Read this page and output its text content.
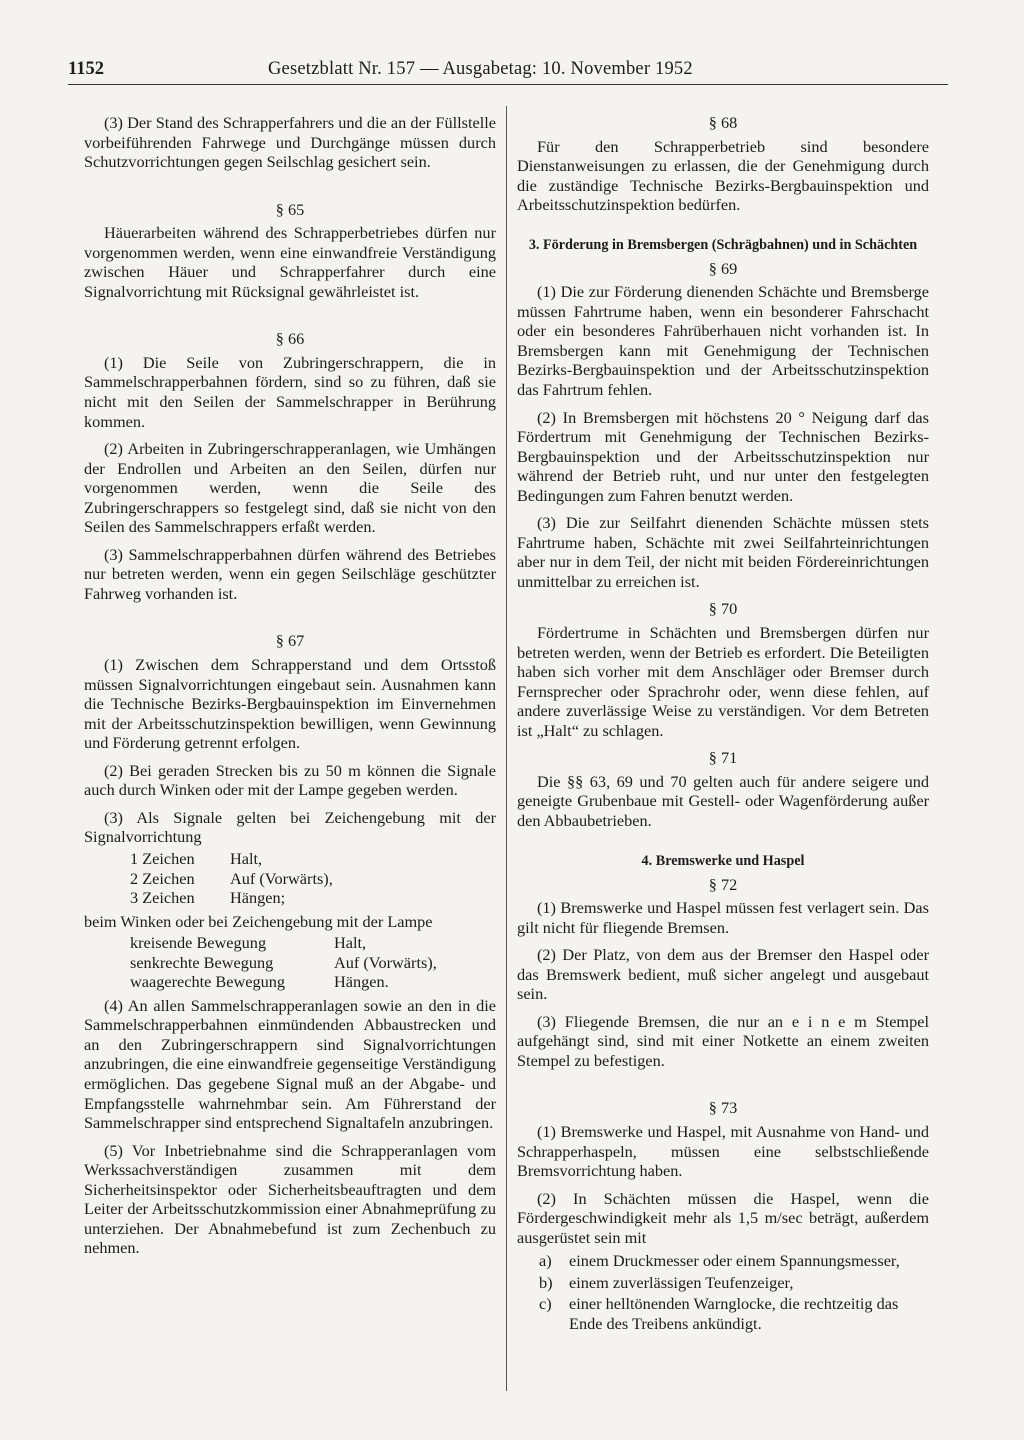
1152	Gesetzblatt Nr. 157 — Ausgabetag: 10. November 1952

(3) Der Stand des Schrapperfahrers und die an der Füllstelle vorbeiführenden Fahrwege und Durchgänge müssen durch Schutzvorrichtungen gegen Seilschlag gesichert sein.

§ 65

Häuerarbeiten während des Schrapperbetriebes dürfen nur vorgenommen werden, wenn eine einwandfreie Verständigung zwischen Häuer und Schrapperfahrer durch eine Signalvorrichtung mit Rücksignal gewährleistet ist.

§ 66

(1) Die Seile von Zubringerschrappern, die in Sammelschrapperbahnen fördern, sind so zu führen, daß sie nicht mit den Seilen der Sammelschrapper in Berührung kommen.

(2) Arbeiten in Zubringerschrapperanlagen, wie Umhängen der Endrollen und Arbeiten an den Seilen, dürfen nur vorgenommen werden, wenn die Seile des Zubringerschrappers so festgelegt sind, daß sie nicht von den Seilen des Sammelschrappers erfaßt werden.

(3) Sammelschrapperbahnen dürfen während des Betriebes nur betreten werden, wenn ein gegen Seilschläge geschützter Fahrweg vorhanden ist.

§ 67

(1) Zwischen dem Schrapperstand und dem Ortsstoß müssen Signalvorrichtungen eingebaut sein. Ausnahmen kann die Technische Bezirks-Bergbauinspektion im Einvernehmen mit der Arbeitsschutzinspektion bewilligen, wenn Gewinnung und Förderung getrennt erfolgen.

(2) Bei geraden Strecken bis zu 50 m können die Signale auch durch Winken oder mit der Lampe gegeben werden.

(3) Als Signale gelten bei Zeichengebung mit der Signalvorrichtung

1 Zeichen	Halt,
2 Zeichen	Auf (Vorwärts),
3 Zeichen	Hängen;

beim Winken oder bei Zeichengebung mit der Lampe

kreisende Bewegung	Halt,
senkrechte Bewegung	Auf (Vorwärts),
waagerechte Bewegung	Hängen.

(4) An allen Sammelschrapperanlagen sowie an den in die Sammelschrapperbahnen einmündenden Abbaustrecken und an den Zubringerschrappern sind Signalvorrichtungen anzubringen, die eine einwandfreie gegenseitige Verständigung ermöglichen. Das gegebene Signal muß an der Abgabe- und Empfangsstelle wahrnehmbar sein. Am Führerstand der Sammelschrapper sind entsprechend Signaltafeln anzubringen.

(5) Vor Inbetriebnahme sind die Schrapperanlagen vom Werkssachverständigen zusammen mit dem Sicherheitsinspektor oder Sicherheitsbeauftragten und dem Leiter der Arbeitsschutzkommission einer Abnahmeprüfung zu unterziehen. Der Abnahmebefund ist zum Zechenbuch zu nehmen.

§ 68

Für den Schrapperbetrieb sind besondere Dienstanweisungen zu erlassen, die der Genehmigung durch die zuständige Technische Bezirks-Bergbauinspektion und Arbeitsschutzinspektion bedürfen.

3. Förderung in Bremsbergen (Schrägbahnen) und in Schächten

§ 69

(1) Die zur Förderung dienenden Schächte und Bremsberge müssen Fahrtrume haben, wenn ein besonderer Fahrschacht oder ein besonderes Fahrüberhauen nicht vorhanden ist. In Bremsbergen kann mit Genehmigung der Technischen Bezirks-Bergbauinspektion und der Arbeitsschutzinspektion das Fahrtrum fehlen.

(2) In Bremsbergen mit höchstens 20 ° Neigung darf das Fördertrum mit Genehmigung der Technischen Bezirks-Bergbauinspektion und der Arbeitsschutzinspektion nur während der Betrieb ruht, und nur unter den festgelegten Bedingungen zum Fahren benutzt werden.

(3) Die zur Seilfahrt dienenden Schächte müssen stets Fahrtrume haben, Schächte mit zwei Seilfahrteinrichtungen aber nur in dem Teil, der nicht mit beiden Fördereinrichtungen unmittelbar zu erreichen ist.

§ 70

Fördertrume in Schächten und Bremsbergen dürfen nur betreten werden, wenn der Betrieb es erfordert. Die Beteiligten haben sich vorher mit dem Anschläger oder Bremser durch Fernsprecher oder Sprachrohr oder, wenn diese fehlen, auf andere zuverlässige Weise zu verständigen. Vor dem Betreten ist „Halt“ zu schlagen.

§ 71

Die §§ 63, 69 und 70 gelten auch für andere seigere und geneigte Grubenbaue mit Gestell- oder Wagenförderung außer den Abbaubetrieben.

4. Bremswerke und Haspel

§ 72

(1) Bremswerke und Haspel müssen fest verlagert sein. Das gilt nicht für fliegende Bremsen.

(2) Der Platz, von dem aus der Bremser den Haspel oder das Bremswerk bedient, muß sicher angelegt und ausgebaut sein.

(3) Fliegende Bremsen, die nur an e i n e m Stempel aufgehängt sind, sind mit einer Notkette an einem zweiten Stempel zu befestigen.

§ 73

(1) Bremswerke und Haspel, mit Ausnahme von Hand- und Schrapperhaspeln, müssen eine selbstschließende Bremsvorrichtung haben.

(2) In Schächten müssen die Haspel, wenn die Fördergeschwindigkeit mehr als 1,5 m/sec beträgt, außerdem ausgerüstet sein mit

a)	einem Druckmesser oder einem Spannungsmesser,
b)	einem zuverlässigen Teufenzeiger,
c)	einer helltönenden Warnglocke, die rechtzeitig das Ende des Treibens ankündigt.
